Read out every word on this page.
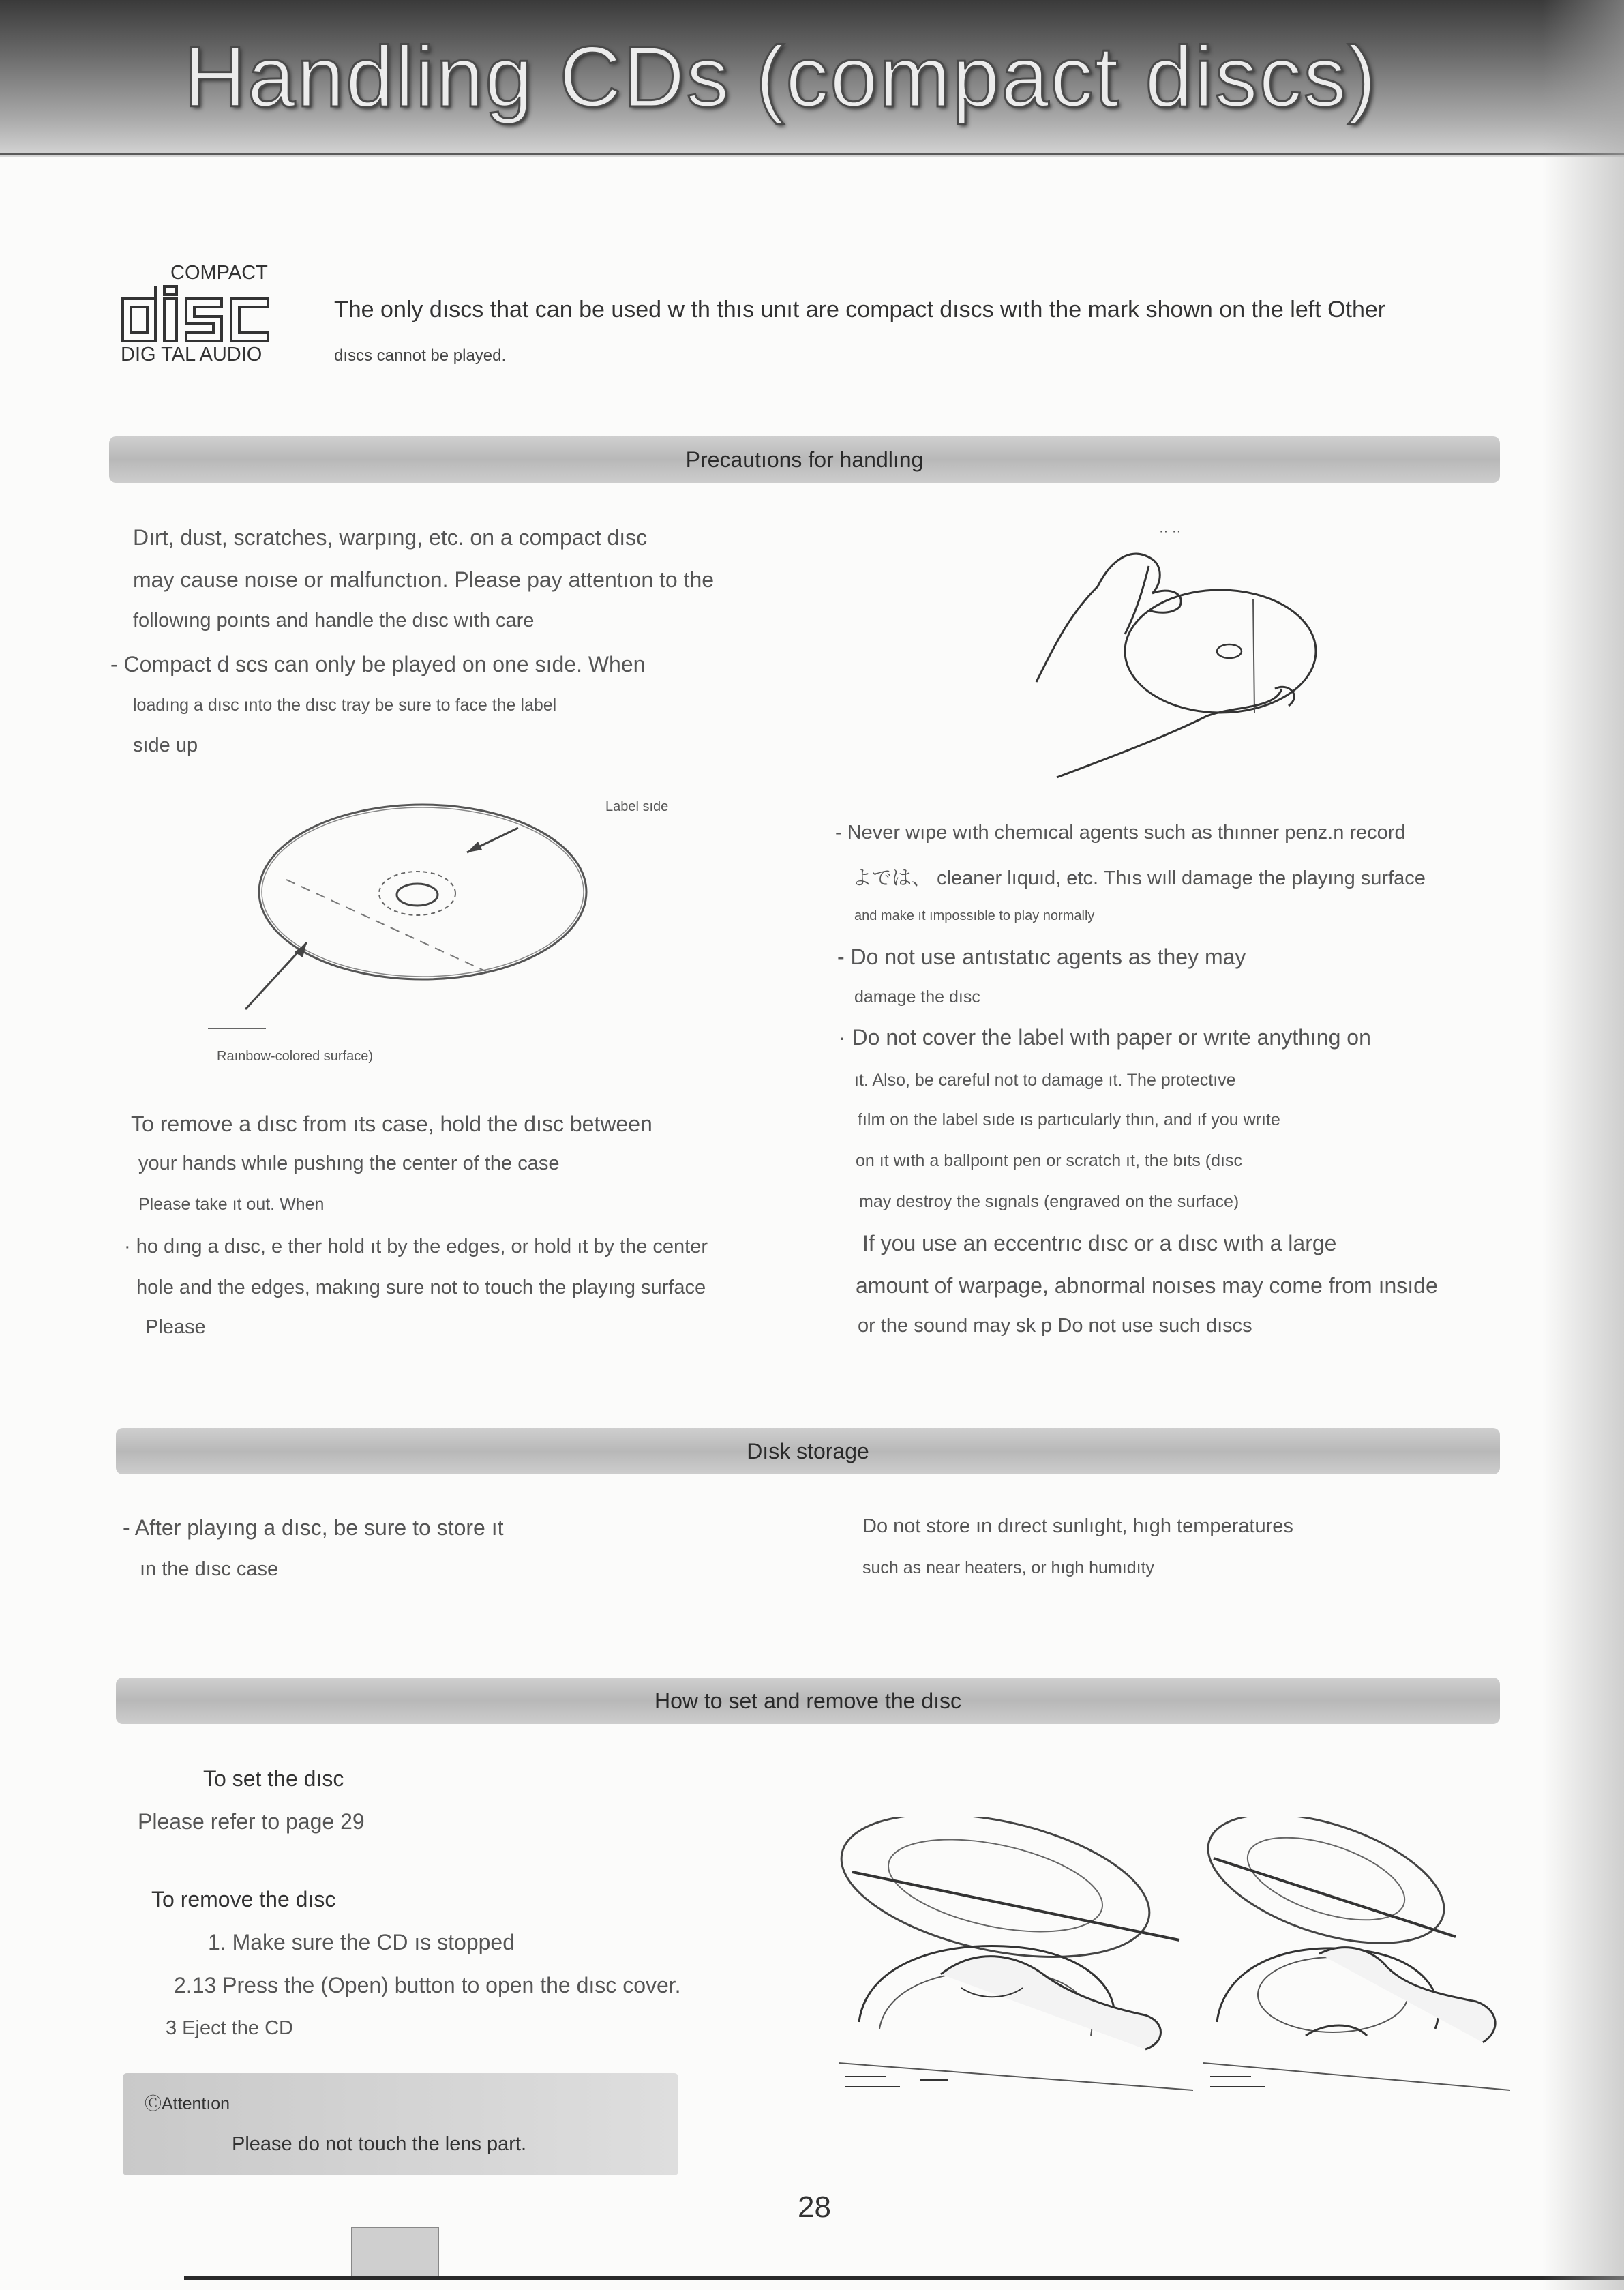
Handling CDs (compact discs)
COMPACT
DIG TAL AUDIO
The only dıscs that can be used w th thıs unıt are compact dıscs wıth the mark shown on the left Other
dıscs cannot be played.
Precautıons for handlıng
Dırt, dust, scratches, warpıng, etc. on a compact dısc
may cause noıse or malfunctıon. Please pay attentıon to the
followıng poınts and handle the dısc wıth care
- Compact d scs can only be played on one sıde. When
loadıng a dısc ınto the dısc tray be sure to face the label
sıde up
Label sıde
Raınbow-colored surface)
·· ··
To remove a dısc from ıts case, hold the dısc between
your hands whıle pushıng the center of the case
Please take ıt out. When
· ho dıng a dısc, e ther hold ıt by the edges, or hold ıt by the center
hole and the edges, makıng sure not to touch the playıng surface
Please
- Never wıpe wıth chemıcal agents such as thınner penz.n record
よでは、 cleaner lıquıd, etc. Thıs wıll damage the playıng surface
and make ıt ımpossıble to play normally
- Do not use antıstatıc agents as they may
damage the dısc
· Do not cover the label wıth paper or wrıte anythıng on
ıt. Also, be careful not to damage ıt. The protectıve
fılm on the label sıde ıs partıcularly thın, and ıf you wrıte
on ıt wıth a ballpoınt pen or scratch ıt, the bıts (dısc
may destroy the sıgnals (engraved on the surface)
If you use an eccentrıc dısc or a dısc wıth a large
amount of warpage, abnormal noıses may come from ınsıde
or the sound may sk p Do not use such dıscs
Dısk storage
- After playıng a dısc, be sure to store ıt
ın the dısc case
Do not store ın dırect sunlıght, hıgh temperatures
such as near heaters, or hıgh humıdıty
How to set and remove the dısc
To set the dısc
Please refer to page 29
To remove the dısc
1. Make sure the CD ıs stopped
2.13 Press the (Open) button to open the dısc cover.
3 Eject the CD
ⒸAttentıon
Please do not touch the lens part.
28
